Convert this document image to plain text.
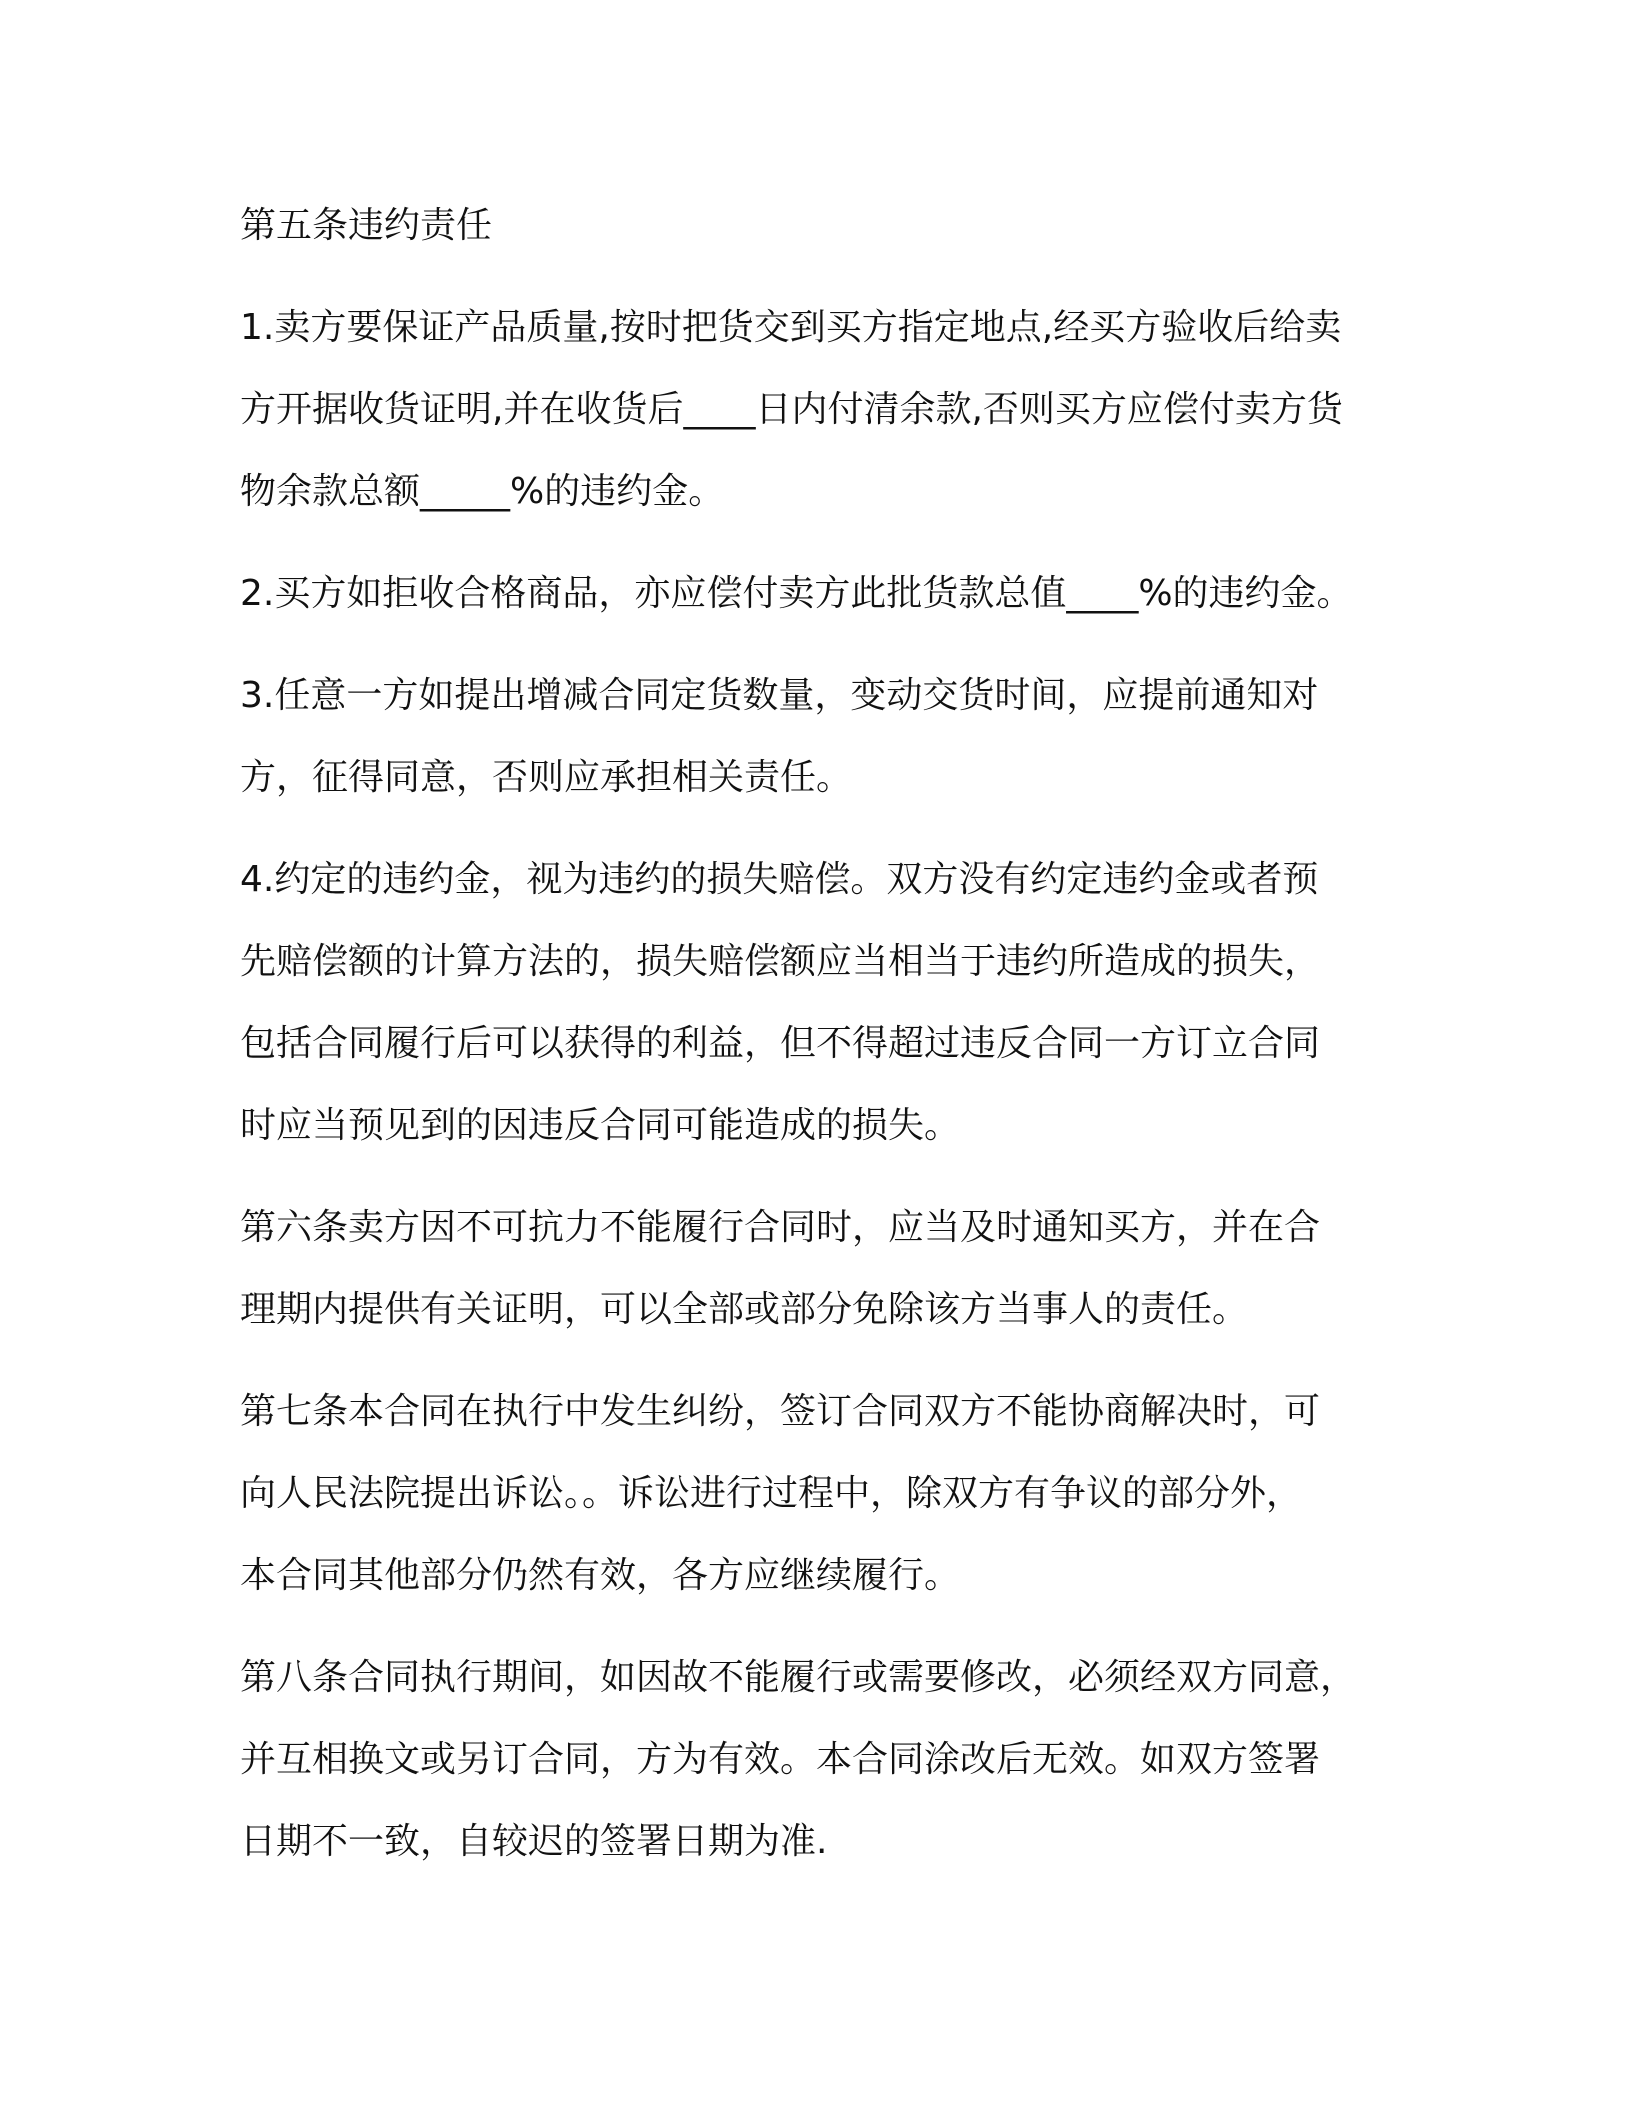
第五条违约责任
1.卖方要保证产品质量,按时把货交到买方指定地点,经买方验收后给卖
方开据收货证明,并在收货后____日内付清余款,否则买方应偿付卖方货
物余款总额_____%的违约金。
2.买方如拒收合格商品，亦应偿付卖方此批货款总值____%的违约金。
3.任意一方如提出增减合同定货数量，变动交货时间，应提前通知对
方，征得同意，否则应承担相关责任。
4.约定的违约金，视为违约的损失赔偿。双方没有约定违约金或者预
先赔偿额的计算方法的，损失赔偿额应当相当于违约所造成的损失，
包括合同履行后可以获得的利益，但不得超过违反合同一方订立合同
时应当预见到的因违反合同可能造成的损失。
第六条卖方因不可抗力不能履行合同时，应当及时通知买方，并在合
理期内提供有关证明，可以全部或部分免除该方当事人的责任。
第七条本合同在执行中发生纠纷，签订合同双方不能协商解决时，可
向人民法院提出诉讼。。诉讼进行过程中，除双方有争议的部分外，
本合同其他部分仍然有效，各方应继续履行。
第八条合同执行期间，如因故不能履行或需要修改，必须经双方同意，
并互相换文或另订合同，方为有效。本合同涂改后无效。如双方签署
日期不一致，自较迟的签署日期为准.
